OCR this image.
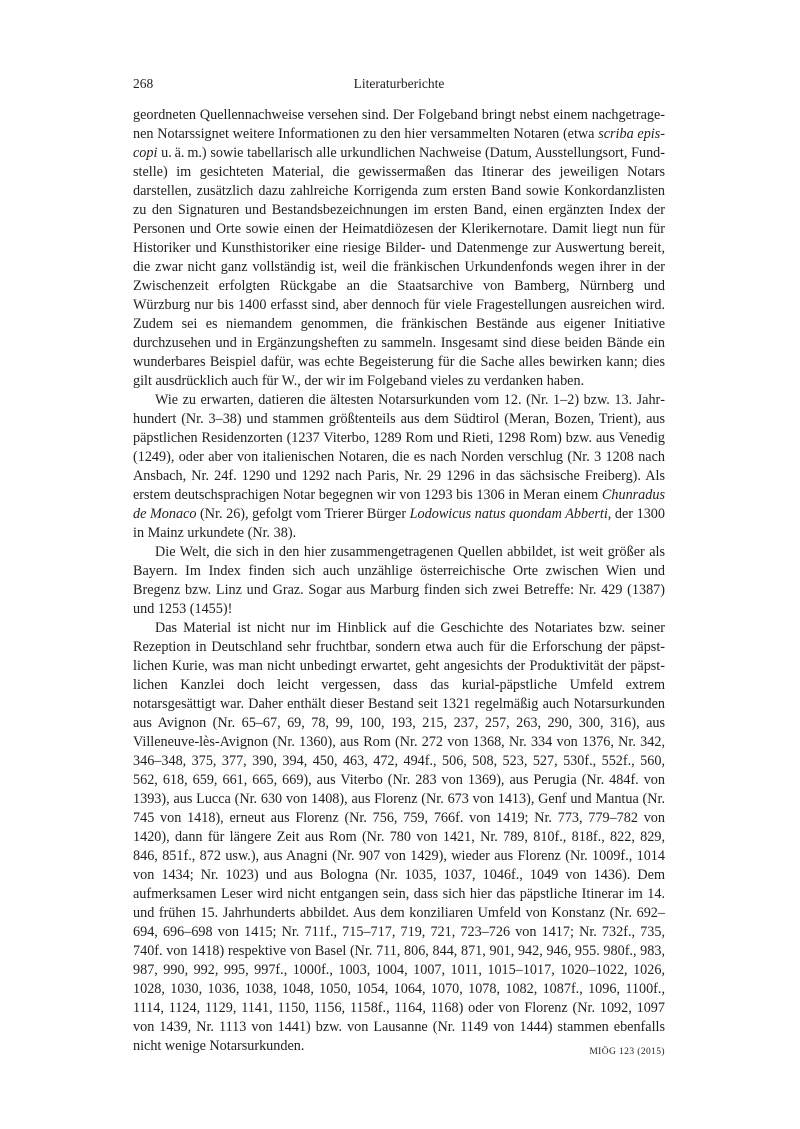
268	Literaturberichte

geordneten Quellennachweise versehen sind. Der Folgeband bringt nebst einem nachgetragenen Notarssignet weitere Informationen zu den hier versammelten Notaren (etwa scriba episcopi u. ä. m.) sowie tabellarisch alle urkundlichen Nachweise (Datum, Ausstellungsort, Fundstelle) im gesichteten Material, die gewissermaßen das Itinerar des jeweiligen Notars darstellen, zusätzlich dazu zahlreiche Korrigenda zum ersten Band sowie Konkordanzlisten zu den Signaturen und Bestandsbezeichnungen im ersten Band, einen ergänzten Index der Personen und Orte sowie einen der Heimatdiözesen der Klerikernotare. Damit liegt nun für Historiker und Kunsthistoriker eine riesige Bilder- und Datenmenge zur Auswertung bereit, die zwar nicht ganz vollständig ist, weil die fränkischen Urkundenfonds wegen ihrer in der Zwischenzeit erfolgten Rückgabe an die Staatsarchive von Bamberg, Nürnberg und Würzburg nur bis 1400 erfasst sind, aber dennoch für viele Fragestellungen ausreichen wird. Zudem sei es niemandem genommen, die fränkischen Bestände aus eigener Initiative durchzusehen und in Ergänzungsheften zu sammeln. Insgesamt sind diese beiden Bände ein wunderbares Beispiel dafür, was echte Begeisterung für die Sache alles bewirken kann; dies gilt ausdrücklich auch für W., der wir im Folgeband vieles zu verdanken haben.

Wie zu erwarten, datieren die ältesten Notarsurkunden vom 12. (Nr. 1–2) bzw. 13. Jahrhundert (Nr. 3–38) und stammen größtenteils aus dem Südtirol (Meran, Bozen, Trient), aus päpstlichen Residenzorten (1237 Viterbo, 1289 Rom und Rieti, 1298 Rom) bzw. aus Venedig (1249), oder aber von italienischen Notaren, die es nach Norden verschlug (Nr. 3 1208 nach Ansbach, Nr. 24f. 1290 und 1292 nach Paris, Nr. 29 1296 in das sächsische Freiberg). Als erstem deutschsprachigen Notar begegnen wir von 1293 bis 1306 in Meran einem Chunradus de Monaco (Nr. 26), gefolgt vom Trierer Bürger Lodowicus natus quondam Abberti, der 1300 in Mainz urkundete (Nr. 38).

Die Welt, die sich in den hier zusammengetragenen Quellen abbildet, ist weit größer als Bayern. Im Index finden sich auch unzählige österreichische Orte zwischen Wien und Bregenz bzw. Linz und Graz. Sogar aus Marburg finden sich zwei Betreffe: Nr. 429 (1387) und 1253 (1455)!

Das Material ist nicht nur im Hinblick auf die Geschichte des Notariates bzw. seiner Rezeption in Deutschland sehr fruchtbar, sondern etwa auch für die Erforschung der päpstlichen Kurie, was man nicht unbedingt erwartet, geht angesichts der Produktivität der päpstlichen Kanzlei doch leicht vergessen, dass das kurial-päpstliche Umfeld extrem notarsgesättigt war. Daher enthält dieser Bestand seit 1321 regelmäßig auch Notarsurkunden aus Avignon (Nr. 65–67, 69, 78, 99, 100, 193, 215, 237, 257, 263, 290, 300, 316), aus Villeneuve-lès-Avignon (Nr. 1360), aus Rom (Nr. 272 von 1368, Nr. 334 von 1376, Nr. 342, 346–348, 375, 377, 390, 394, 450, 463, 472, 494f., 506, 508, 523, 527, 530f., 552f., 560, 562, 618, 659, 661, 665, 669), aus Viterbo (Nr. 283 von 1369), aus Perugia (Nr. 484f. von 1393), aus Lucca (Nr. 630 von 1408), aus Florenz (Nr. 673 von 1413), Genf und Mantua (Nr. 745 von 1418), erneut aus Florenz (Nr. 756, 759, 766f. von 1419; Nr. 773, 779–782 von 1420), dann für längere Zeit aus Rom (Nr. 780 von 1421, Nr. 789, 810f., 818f., 822, 829, 846, 851f., 872 usw.), aus Anagni (Nr. 907 von 1429), wieder aus Florenz (Nr. 1009f., 1014 von 1434; Nr. 1023) und aus Bologna (Nr. 1035, 1037, 1046f., 1049 von 1436). Dem aufmerksamen Leser wird nicht entgangen sein, dass sich hier das päpstliche Itinerar im 14. und frühen 15. Jahrhunderts abbildet. Aus dem konziliaren Umfeld von Konstanz (Nr. 692–694, 696–698 von 1415; Nr. 711f., 715–717, 719, 721, 723–726 von 1417; Nr. 732f., 735, 740f. von 1418) respektive von Basel (Nr. 711, 806, 844, 871, 901, 942, 946, 955. 980f., 983, 987, 990, 992, 995, 997f., 1000f., 1003, 1004, 1007, 1011, 1015–1017, 1020–1022, 1026, 1028, 1030, 1036, 1038, 1048, 1050, 1054, 1064, 1070, 1078, 1082, 1087f., 1096, 1100f., 1114, 1124, 1129, 1141, 1150, 1156, 1158f., 1164, 1168) oder von Florenz (Nr. 1092, 1097 von 1439, Nr. 1113 von 1441) bzw. von Lausanne (Nr. 1149 von 1444) stammen ebenfalls nicht wenige Notarsurkunden.	MIÖG 123 (2015)
